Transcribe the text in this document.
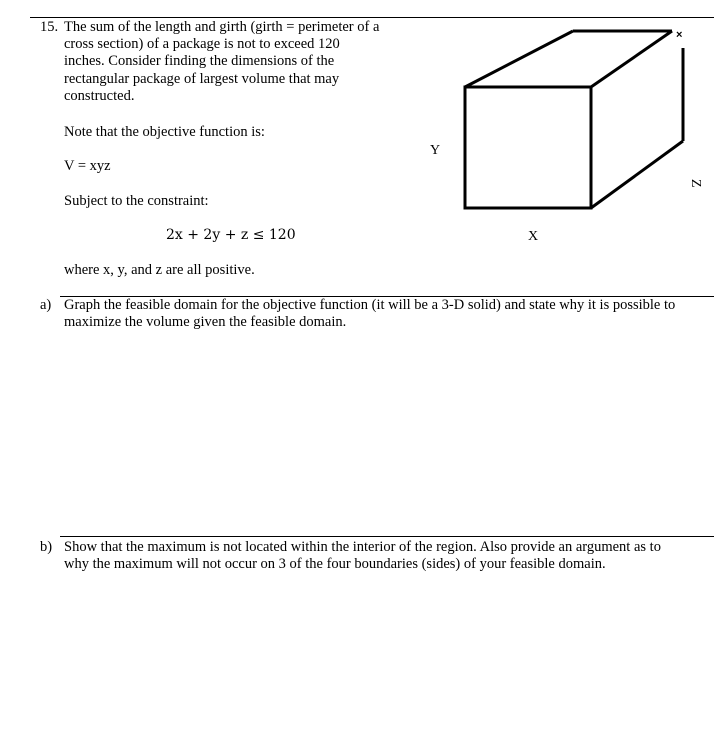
15. The sum of the length and girth (girth = perimeter of a
cross section) of a package is not to exceed 120
inches. Consider finding the dimensions of the
rectangular package of largest volume that may
constructed.
Note that the objective function is:
V = xyz
Subject to the constraint:
2x + 2y + z ≤ 120
where x, y, and z are all positive.
×
Y
Z
X
a) Graph the feasible domain for the objective function (it will be a 3-D solid) and state why it is possible to
maximize the volume given the feasible domain.
b) Show that the maximum is not located within the interior of the region. Also provide an argument as to
why the maximum will not occur on 3 of the four boundaries (sides) of your feasible domain.
